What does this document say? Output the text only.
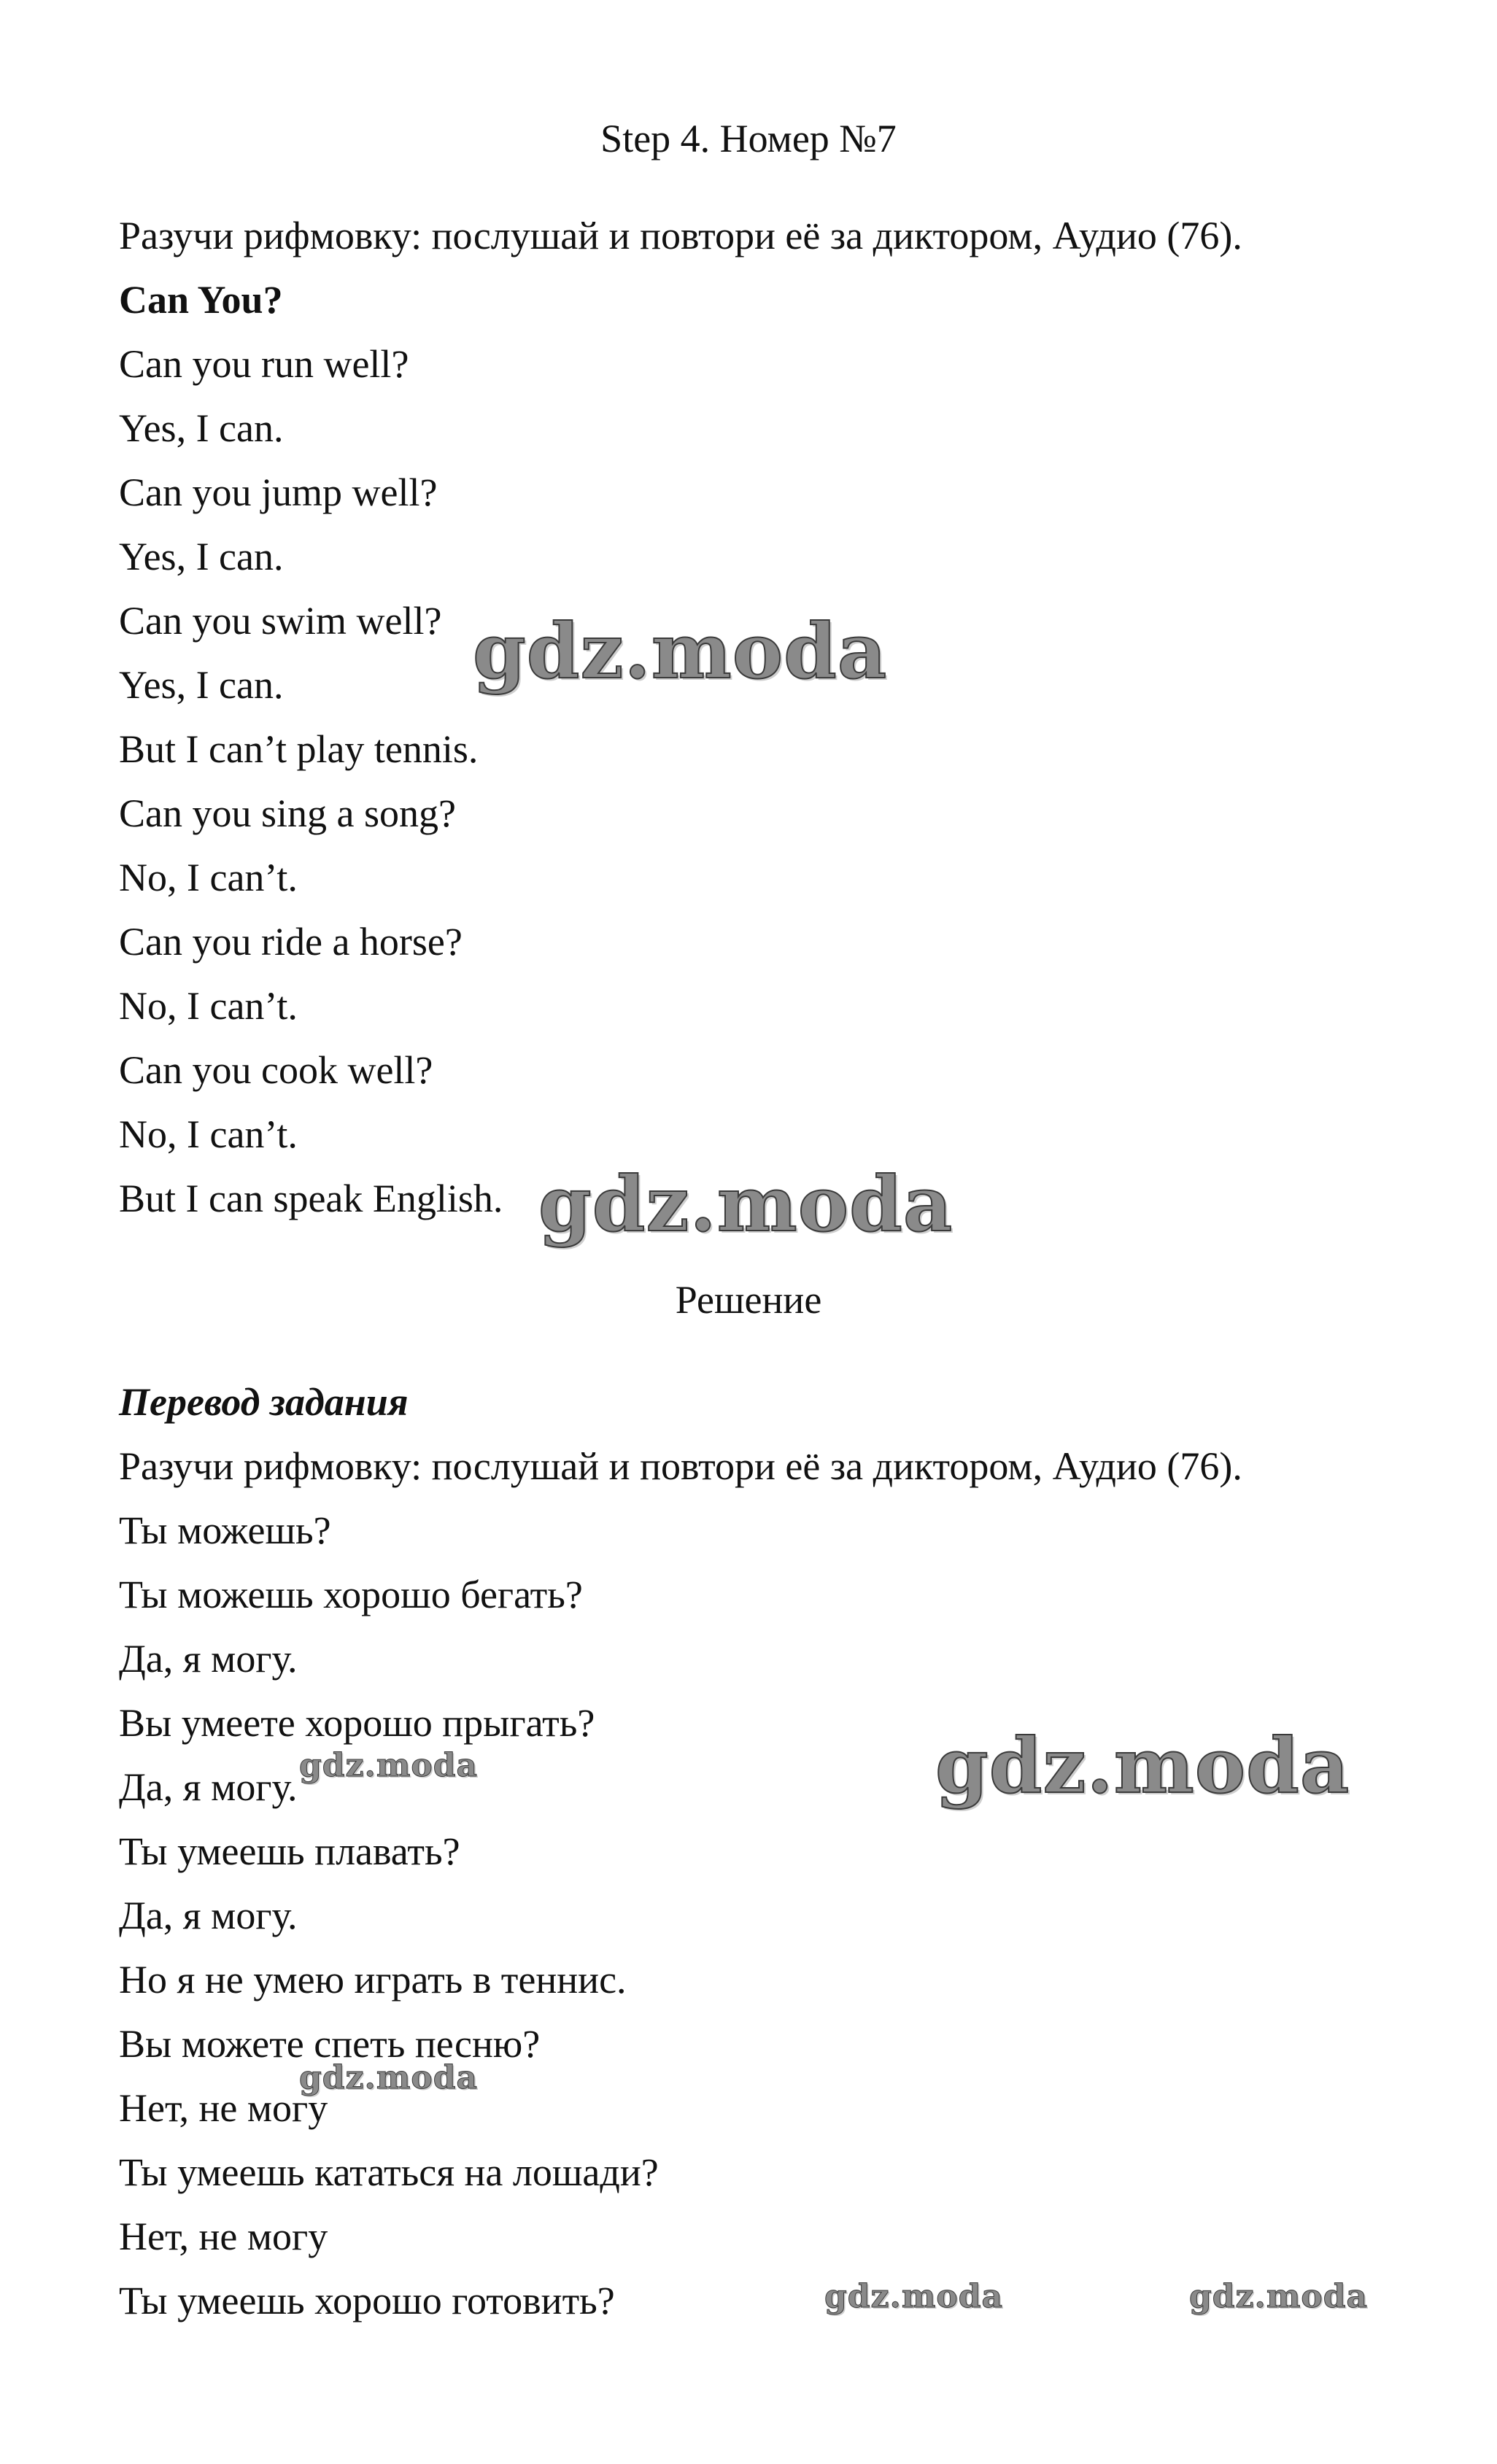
Step 4. Номер №7

Разучи рифмовку: послушай и повтори её за диктором, Аудио (76).

Can You?

Can you run well?

Yes, I can.

Can you jump well?

Yes, I can.

Can you swim well?

Yes, I can.

But I can’t play tennis.

Can you sing a song?

No, I can’t.

Can you ride a horse?

No, I can’t.

Can you cook well?

No, I can’t.

But I can speak English.

Решение

Перевод задания

Разучи рифмовку: послушай и повтори её за диктором, Аудио (76).

Ты можешь?

Ты можешь хорошо бегать?

Да, я могу.

Вы умеете хорошо прыгать?

Да, я могу.

Ты умеешь плавать?

Да, я могу.

Но я не умею играть в теннис.

Вы можете спеть песню?

Нет, не могу

Ты умеешь кататься на лошади?

Нет, не могу

Ты умеешь хорошо готовить?

gdz.moda
gdz.moda
gdz.moda
gdz.moda
gdz.moda
gdz.moda	gdz.moda
